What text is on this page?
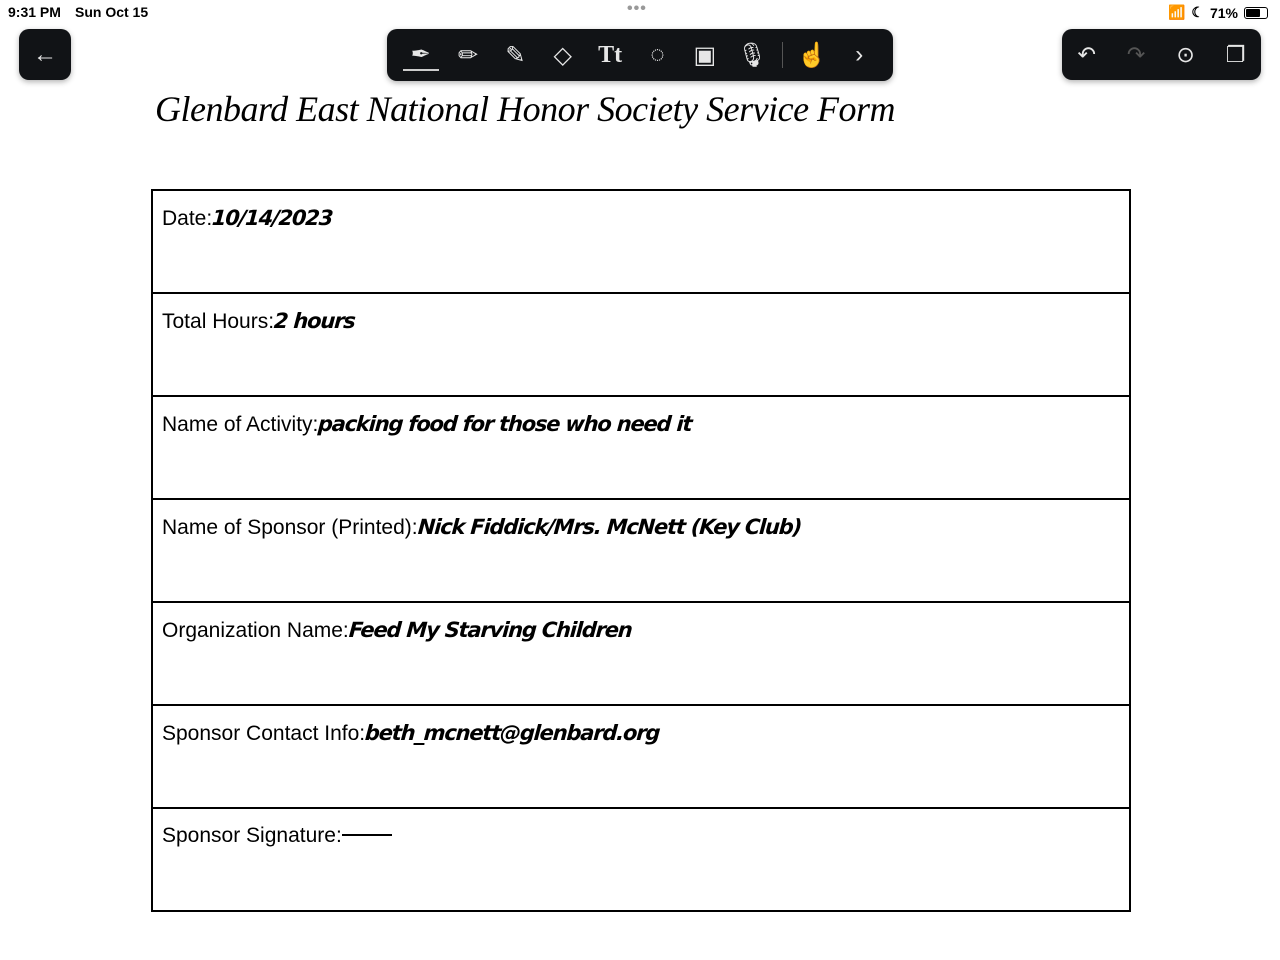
9:31 PM Sun Oct 15	•••	📶 ☾ 71%
←	✒	✏	✎	◇	Tt	◌	▣ 🎙 ☝	›	↶ ↷ ⊙ ❐
Glenbard East National Honor Society Service Form
Date: 10/14/2023
Total Hours: 2 hours
Name of Activity: packing food for those who need it
Name of Sponsor (Printed): Nick Fiddick/Mrs. McNett (Key Club)
Organization Name: Feed My Starving Children
Sponsor Contact Info: beth_mcnett@glenbard.org
Sponsor Signature:
